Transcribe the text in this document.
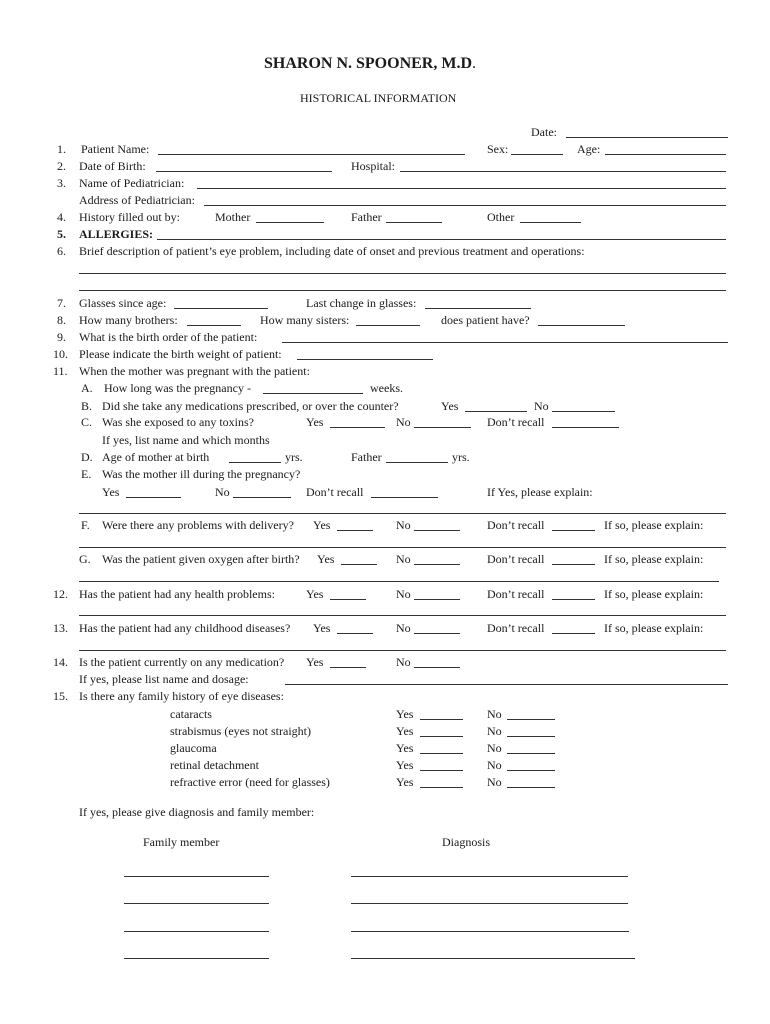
SHARON N. SPOONER, M.D.
HISTORICAL INFORMATION
Date:
1. Patient Name:	Sex:	Age:
2. Date of Birth:	Hospital:
3. Name of Pediatrician:
Address of Pediatrician:
4. History filled out by:	Mother	Father	Other
5. ALLERGIES:
6. Brief description of patient’s eye problem, including date of onset and previous treatment and operations:
7. Glasses since age:	Last change in glasses:
8. How many brothers:	How many sisters:	does patient have?
9. What is the birth order of the patient:
10. Please indicate the birth weight of patient:
11. When the mother was pregnant with the patient:
A. How long was the pregnancy -	weeks.
B. Did she take any medications prescribed, or over the counter?	Yes	No
C. Was she exposed to any toxins?	Yes	No	Don’t recall
If yes, list name and which months
D. Age of mother at birth	yrs.	Father	yrs.
E. Was the mother ill during the pregnancy?
Yes	No	Don’t recall	If Yes, please explain:
F. Were there any problems with delivery? Yes	No	Don’t recall	If so, please explain:
G. Was the patient given oxygen after birth? Yes	No	Don’t recall	If so, please explain:
12. Has the patient had any health problems:	Yes	No	Don’t recall	If so, please explain:
13. Has the patient had any childhood diseases? Yes	No	Don’t recall	If so, please explain:
14. Is the patient currently on any medication? Yes	No
If yes, please list name and dosage:
15. Is there any family history of eye diseases:
cataracts	Yes	No
strabismus (eyes not straight)	Yes	No
glaucoma	Yes	No
retinal detachment	Yes	No
refractive error (need for glasses)	Yes	No
If yes, please give diagnosis and family member:
Family member	Diagnosis
